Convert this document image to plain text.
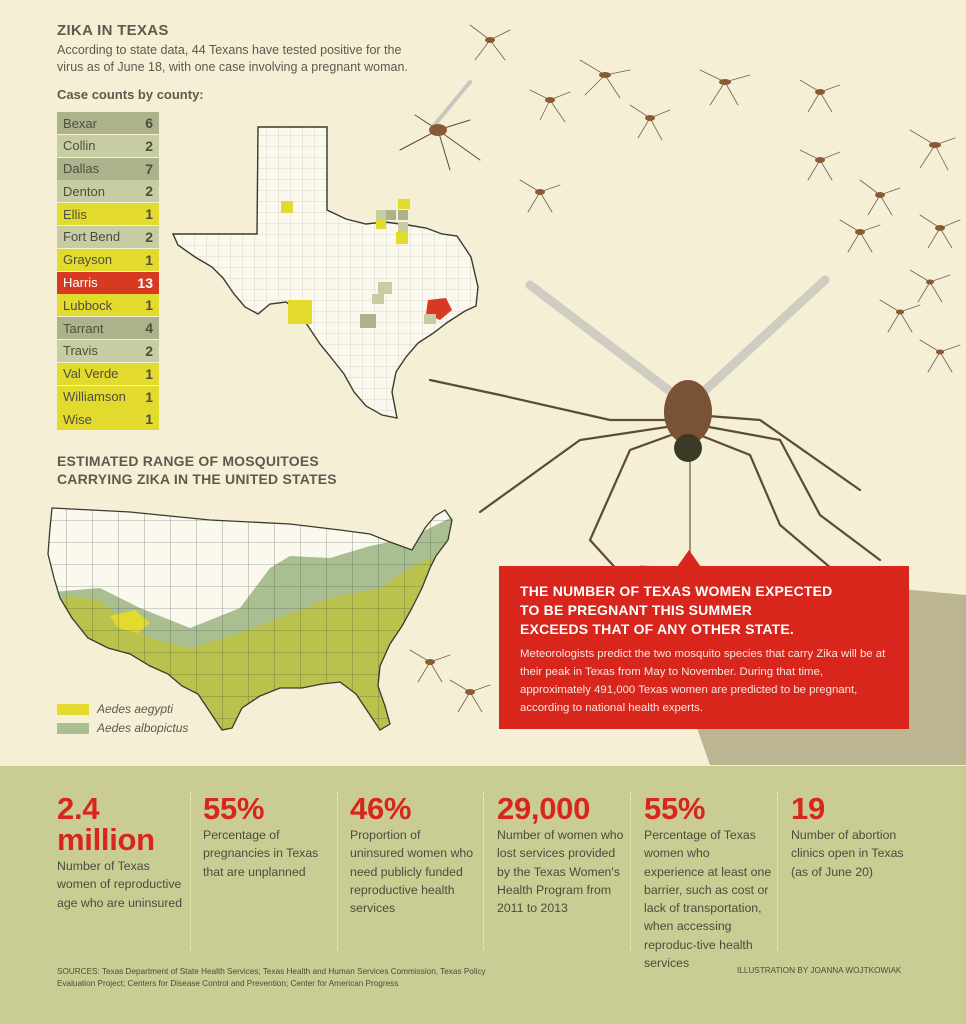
ZIKA IN TEXAS
According to state data, 44 Texans have tested positive for the virus as of June 18, with one case involving a pregnant woman.
Case counts by county:
Bexar	6
Collin	2
Dallas	7
Denton	2
Ellis	1
Fort Bend 2
Grayson 1
Harris	13
Lubbock 1
Tarrant	4
Travis	2
Val Verde 1
Williamson 1
Wise	1
ESTIMATED RANGE OF MOSQUITOES
CARRYING ZIKA IN THE UNITED STATES
Aedes aegypti
Aedes albopictus
THE NUMBER OF TEXAS WOMEN EXPECTED
TO BE PREGNANT THIS SUMMER
EXCEEDS THAT OF ANY OTHER STATE.
Meteorologists predict the two mosquito species that carry Zika will be at their peak in Texas from May to November. During that time, approximately 491,000 Texas women are predicted to be pregnant, according to national health experts.
2.4
million
Number of Texas women of reproductive age who are uninsured
55%
Percentage of pregnancies in Texas that are unplanned
46%
Proportion of uninsured women who need publicly funded reproductive health services
29,000
Number of women who lost services provided by the Texas Women's Health Program from 2011 to 2013
55%
Percentage of Texas women who experience at least one barrier, such as cost or lack of transportation, when accessing reproduc-tive health services
19
Number of abortion clinics open in Texas (as of June 20)
SOURCES: Texas Department of State Health Services; Texas Health and Human Services Commission, Texas Policy Evaluation Project; Centers for Disease Control and Prevention; Center for American Progress
ILLUSTRATION BY JOANNA WOJTKOWIAK
